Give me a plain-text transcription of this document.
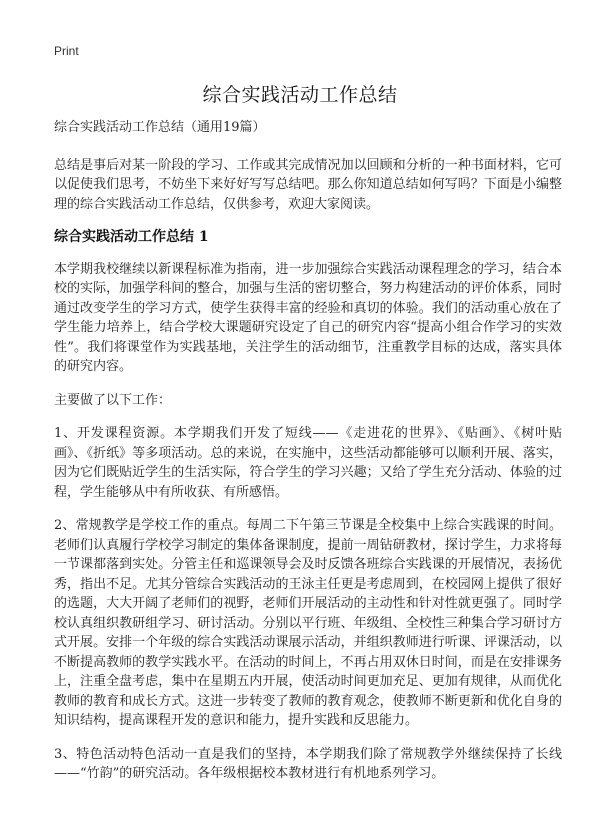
Print
综合实践活动工作总结

综合实践活动工作总结（通用19篇）

总结是事后对某一阶段的学习、工作或其完成情况加以回顾和分析的一种书面材料，它可以促使我们思考，不妨坐下来好好写写总结吧。那么你知道总结如何写吗？下面是小编整理的综合实践活动工作总结，仅供参考，欢迎大家阅读。

综合实践活动工作总结 1

本学期我校继续以新课程标准为指南，进一步加强综合实践活动课程理念的学习，结合本校的实际，加强学科间的整合，加强与生活的密切整合，努力构建活动的评价体系，同时通过改变学生的学习方式，使学生获得丰富的经验和真切的体验。我们的活动重心放在了学生能力培养上，结合学校大课题研究设定了自己的研究内容“提高小组合作学习的实效性”。我们将课堂作为实践基地，关注学生的活动细节，注重教学目标的达成，落实具体的研究内容。

主要做了以下工作：

1、开发课程资源。本学期我们开发了短线——《走进花的世界》、《贴画》、《树叶贴画》、《折纸》等多项活动。总的来说，在实施中，这些活动都能够可以顺利开展、落实，因为它们既贴近学生的生活实际，符合学生的学习兴趣；又给了学生充分活动、体验的过程，学生能够从中有所收获、有所感悟。

2、常规教学是学校工作的重点。每周二下午第三节课是全校集中上综合实践课的时间。老师们认真履行学校学习制定的集体备课制度，提前一周钻研教材，探讨学生，力求将每一节课都落到实处。分管主任和巡课领导会及时反馈各班综合实践课的开展情况，表扬优秀，指出不足。尤其分管综合实践活动的王泳主任更是考虑周到，在校园网上提供了很好的选题，大大开阔了老师们的视野，老师们开展活动的主动性和针对性就更强了。同时学校认真组织教研组学习、研讨活动。分别以平行班、年级组、全校性三种集合学习研讨方式开展。安排一个年级的综合实践活动课展示活动，并组织教师进行听课、评课活动，以不断提高教师的教学实践水平。在活动的时间上，不再占用双休日时间，而是在安排课务上，注重全盘考虑，集中在星期五内开展，使活动时间更加充足、更加有规律，从而优化教师的教育和成长方式。这进一步转变了教师的教育观念，使教师不断更新和优化自身的知识结构，提高课程开发的意识和能力，提升实践和反思能力。

3、特色活动特色活动一直是我们的坚持，本学期我们除了常规教学外继续保持了长线——“竹韵”的研究活动。各年级根据校本教材进行有机地系列学习。
